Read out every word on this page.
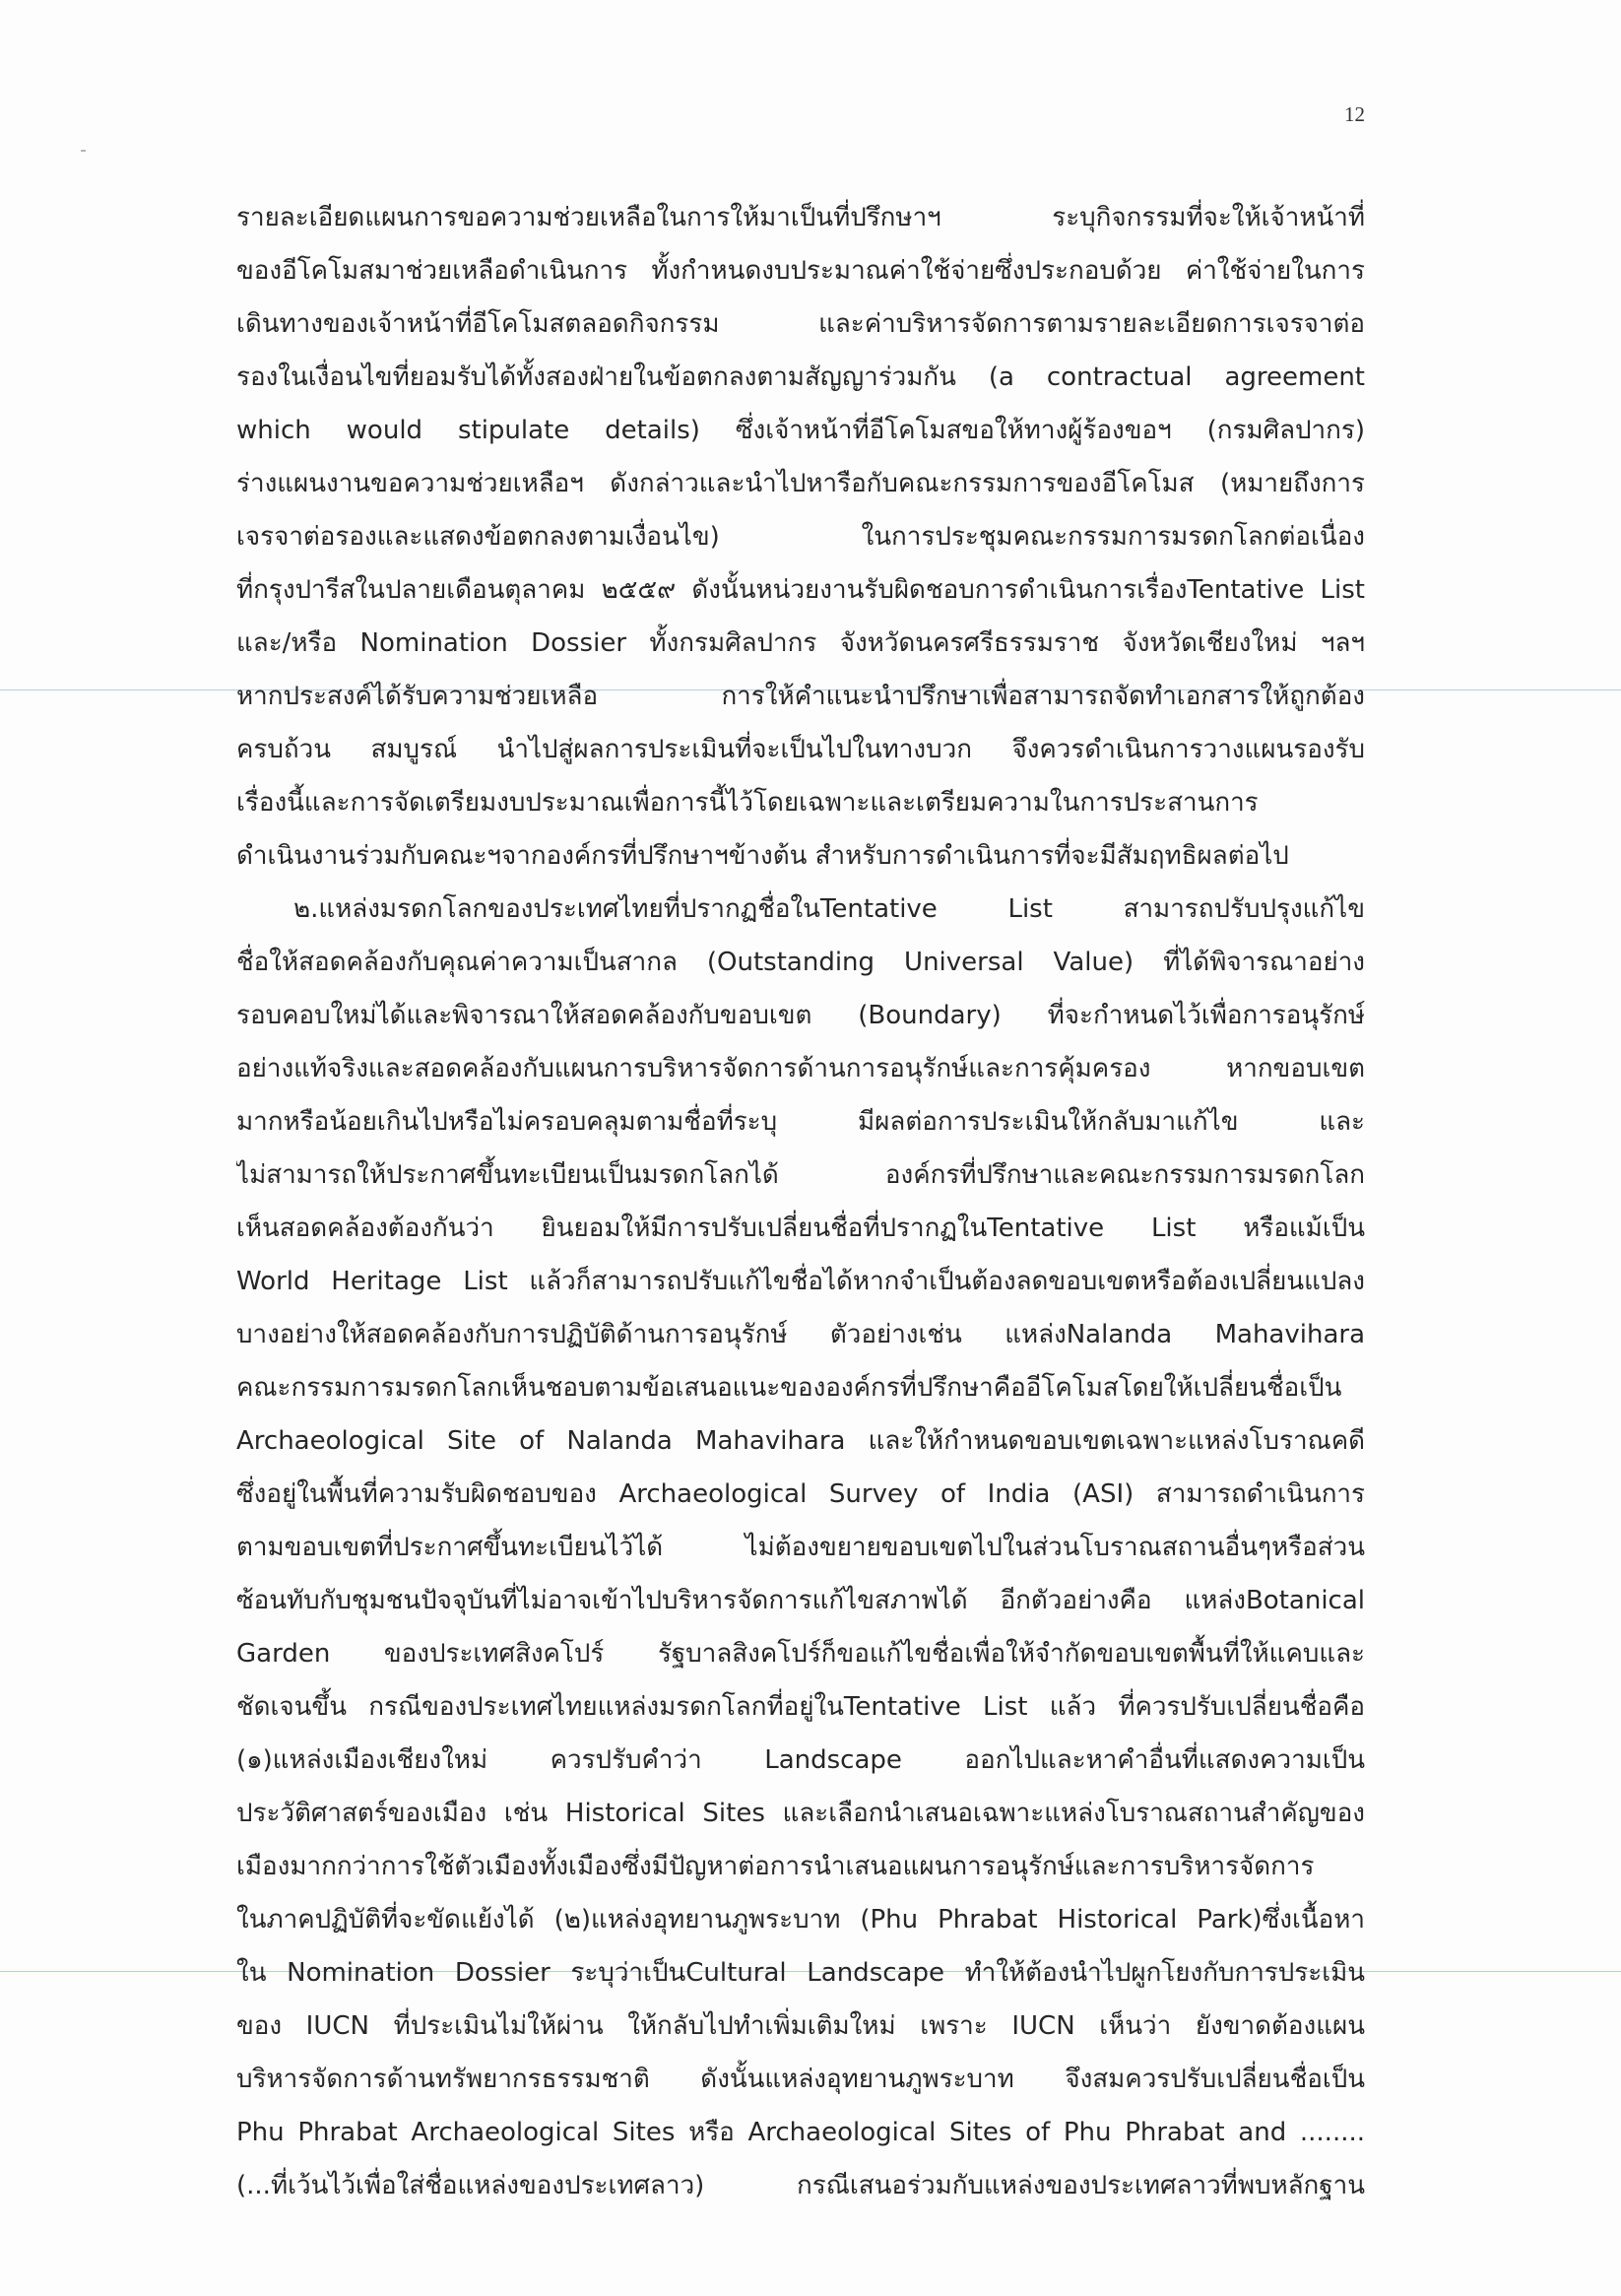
12
รายละเอียดแผนการขอความช่วยเหลือในการให้มาเป็นที่ปรึกษาฯ ระบุกิจกรรมที่จะให้เจ้าหน้าที่
ของอีโคโมสมาช่วยเหลือดำเนินการ ทั้งกำหนดงบประมาณค่าใช้จ่ายซึ่งประกอบด้วย ค่าใช้จ่ายในการ
เดินทางของเจ้าหน้าที่อีโคโมสตลอดกิจกรรม และค่าบริหารจัดการตามรายละเอียดการเจรจาต่อ
รองในเงื่อนไขที่ยอมรับได้ทั้งสองฝ่ายในข้อตกลงตามสัญญาร่วมกัน (a contractual agreement
which would stipulate details) ซึ่งเจ้าหน้าที่อีโคโมสขอให้ทางผู้ร้องขอฯ (กรมศิลปากร)
ร่างแผนงานขอความช่วยเหลือฯ ดังกล่าวและนำไปหารือกับคณะกรรมการของอีโคโมส (หมายถึงการ
เจรจาต่อรองและแสดงข้อตกลงตามเงื่อนไข) ในการประชุมคณะกรรมการมรดกโลกต่อเนื่อง
ที่กรุงปารีสในปลายเดือนตุลาคม ๒๕๕๙ ดังนั้นหน่วยงานรับผิดชอบการดำเนินการเรื่องTentative List
และ/หรือ Nomination Dossier ทั้งกรมศิลปากร จังหวัดนครศรีธรรมราช จังหวัดเชียงใหม่ ฯลฯ
หากประสงค์ได้รับความช่วยเหลือ การให้คำแนะนำปรึกษาเพื่อสามารถจัดทำเอกสารให้ถูกต้อง
ครบถ้วน สมบูรณ์ นำไปสู่ผลการประเมินที่จะเป็นไปในทางบวก จึงควรดำเนินการวางแผนรองรับ
เรื่องนี้และการจัดเตรียมงบประมาณเพื่อการนี้ไว้โดยเฉพาะและเตรียมความในการประสานการ
ดำเนินงานร่วมกับคณะฯจากองค์กรที่ปรึกษาฯข้างต้น สำหรับการดำเนินการที่จะมีสัมฤทธิผลต่อไป
๒.แหล่งมรดกโลกของประเทศไทยที่ปรากฏชื่อในTentative List สามารถปรับปรุงแก้ไข
ชื่อให้สอดคล้องกับคุณค่าความเป็นสากล (Outstanding Universal Value) ที่ได้พิจารณาอย่าง
รอบคอบใหม่ได้และพิจารณาให้สอดคล้องกับขอบเขต (Boundary) ที่จะกำหนดไว้เพื่อการอนุรักษ์
อย่างแท้จริงและสอดคล้องกับแผนการบริหารจัดการด้านการอนุรักษ์และการคุ้มครอง หากขอบเขต
มากหรือน้อยเกินไปหรือไม่ครอบคลุมตามชื่อที่ระบุ มีผลต่อการประเมินให้กลับมาแก้ไข และ
ไม่สามารถให้ประกาศขึ้นทะเบียนเป็นมรดกโลกได้ องค์กรที่ปรึกษาและคณะกรรมการมรดกโลก
เห็นสอดคล้องต้องกันว่า ยินยอมให้มีการปรับเปลี่ยนชื่อที่ปรากฏในTentative List หรือแม้เป็น
World Heritage List แล้วก็สามารถปรับแก้ไขชื่อได้หากจำเป็นต้องลดขอบเขตหรือต้องเปลี่ยนแปลง
บางอย่างให้สอดคล้องกับการปฏิบัติด้านการอนุรักษ์ ตัวอย่างเช่น แหล่งNalanda Mahavihara
คณะกรรมการมรดกโลกเห็นชอบตามข้อเสนอแนะขององค์กรที่ปรึกษาคืออีโคโมสโดยให้เปลี่ยนชื่อเป็น
Archaeological Site of Nalanda Mahavihara และให้กำหนดขอบเขตเฉพาะแหล่งโบราณคดี
ซึ่งอยู่ในพื้นที่ความรับผิดชอบของ Archaeological Survey of India (ASI) สามารถดำเนินการ
ตามขอบเขตที่ประกาศขึ้นทะเบียนไว้ได้ ไม่ต้องขยายขอบเขตไปในส่วนโบราณสถานอื่นๆหรือส่วน
ซ้อนทับกับชุมชนปัจจุบันที่ไม่อาจเข้าไปบริหารจัดการแก้ไขสภาพได้ อีกตัวอย่างคือ แหล่งBotanical
Garden ของประเทศสิงคโปร์ รัฐบาลสิงคโปร์ก็ขอแก้ไขชื่อเพื่อให้จำกัดขอบเขตพื้นที่ให้แคบและ
ชัดเจนขึ้น กรณีของประเทศไทยแหล่งมรดกโลกที่อยู่ในTentative List แล้ว ที่ควรปรับเปลี่ยนชื่อคือ
(๑)แหล่งเมืองเชียงใหม่ ควรปรับคำว่า Landscape ออกไปและหาคำอื่นที่แสดงความเป็น
ประวัติศาสตร์ของเมือง เช่น Historical Sites และเลือกนำเสนอเฉพาะแหล่งโบราณสถานสำคัญของ
เมืองมากกว่าการใช้ตัวเมืองทั้งเมืองซึ่งมีปัญหาต่อการนำเสนอแผนการอนุรักษ์และการบริหารจัดการ
ในภาคปฏิบัติที่จะขัดแย้งได้ (๒)แหล่งอุทยานภูพระบาท (Phu Phrabat Historical Park)ซึ่งเนื้อหา
ใน Nomination Dossier ระบุว่าเป็นCultural Landscape ทำให้ต้องนำไปผูกโยงกับการประเมิน
ของ IUCN ที่ประเมินไม่ให้ผ่าน ให้กลับไปทำเพิ่มเติมใหม่ เพราะ IUCN เห็นว่า ยังขาดต้องแผน
บริหารจัดการด้านทรัพยากรธรรมชาติ ดังนั้นแหล่งอุทยานภูพระบาท จึงสมควรปรับเปลี่ยนชื่อเป็น
Phu Phrabat Archaeological Sites หรือ Archaeological Sites of Phu Phrabat and ........
(...ที่เว้นไว้เพื่อใส่ชื่อแหล่งของประเทศลาว) กรณีเสนอร่วมกับแหล่งของประเทศลาวที่พบหลักฐาน
